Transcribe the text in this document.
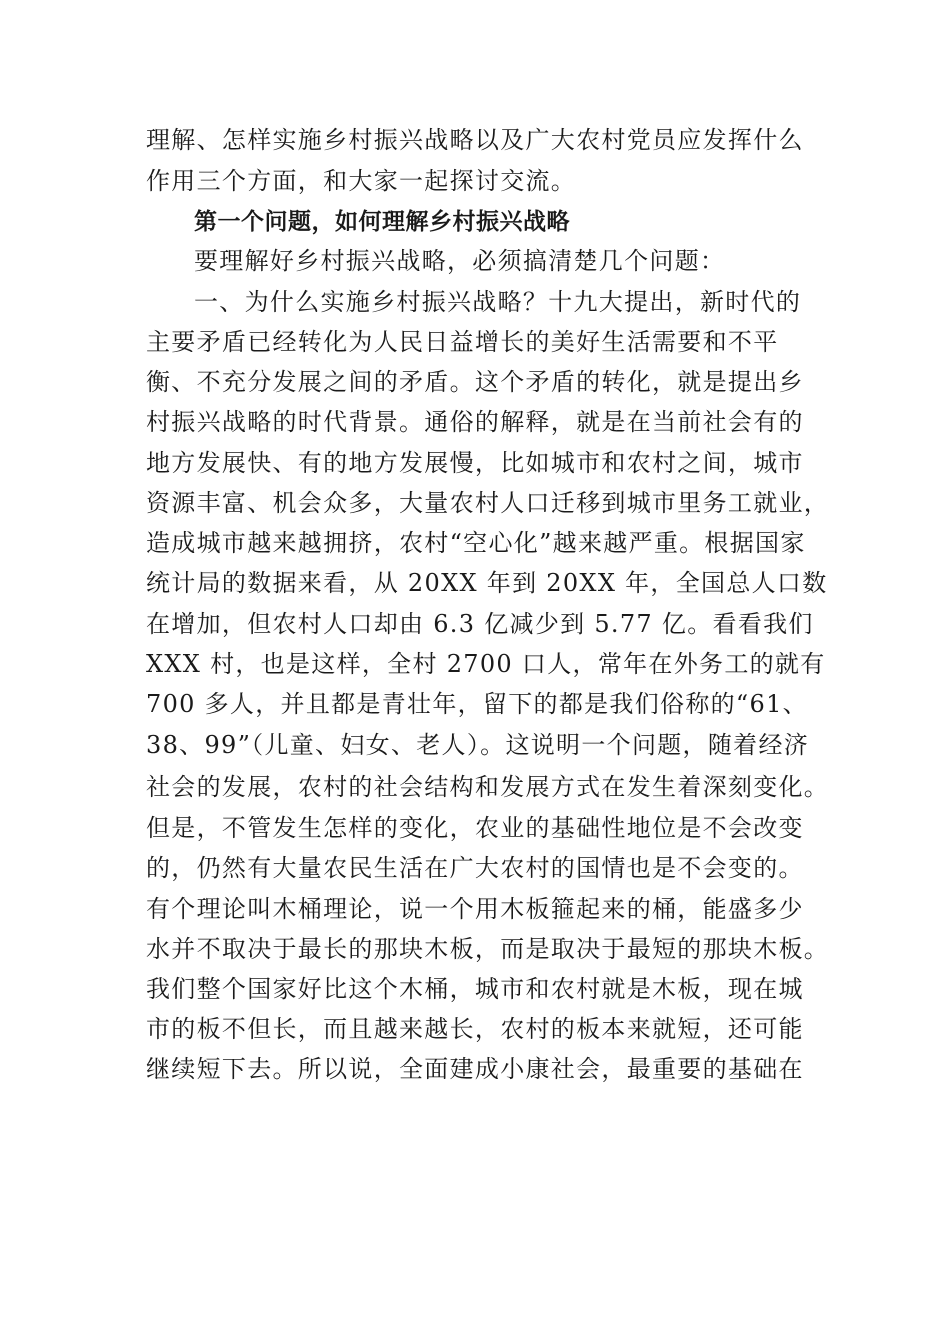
理解、怎样实施乡村振兴战略以及广大农村党员应发挥什么

作用三个方面，和大家一起探讨交流。

第一个问题，如何理解乡村振兴战略

要理解好乡村振兴战略，必须搞清楚几个问题：

一、为什么实施乡村振兴战略？十九大提出，新时代的

主要矛盾已经转化为人民日益增长的美好生活需要和不平

衡、不充分发展之间的矛盾。这个矛盾的转化，就是提出乡

村振兴战略的时代背景。通俗的解释，就是在当前社会有的

地方发展快、有的地方发展慢，比如城市和农村之间，城市

资源丰富、机会众多，大量农村人口迁移到城市里务工就业，

造成城市越来越拥挤，农村“空心化”越来越严重。根据国家

统计局的数据来看，从 20XX 年到 20XX 年，全国总人口数

在增加，但农村人口却由 6.3 亿减少到 5.77 亿。看看我们

XXX 村，也是这样，全村 2700 口人，常年在外务工的就有

700 多人，并且都是青壮年，留下的都是我们俗称的“61、

38、99”（儿童、妇女、老人）。这说明一个问题，随着经济

社会的发展，农村的社会结构和发展方式在发生着深刻变化。

但是，不管发生怎样的变化，农业的基础性地位是不会改变

的，仍然有大量农民生活在广大农村的国情也是不会变的。

有个理论叫木桶理论，说一个用木板箍起来的桶，能盛多少

水并不取决于最长的那块木板，而是取决于最短的那块木板。

我们整个国家好比这个木桶，城市和农村就是木板，现在城

市的板不但长，而且越来越长，农村的板本来就短，还可能

继续短下去。所以说，全面建成小康社会，最重要的基础在
